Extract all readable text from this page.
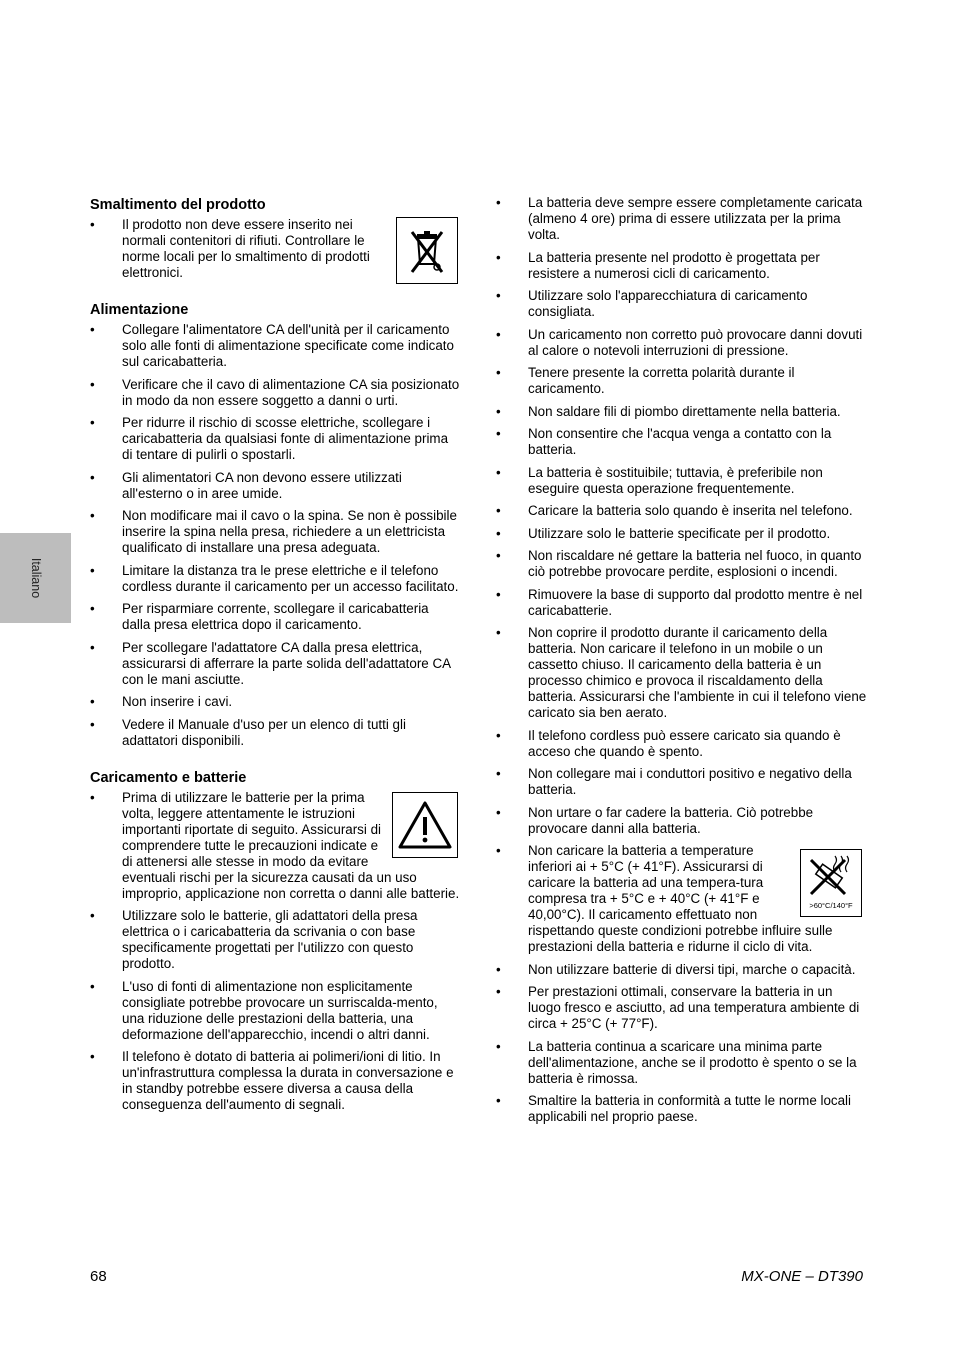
Italiano
Smaltimento del prodotto
• Il prodotto non deve essere inserito nei normali contenitori di rifiuti. Controllare le norme locali per lo smaltimento di prodotti elettronici.
Alimentazione
• Collegare l'alimentatore CA dell'unità per il caricamento solo alle fonti di alimentazione specificate come indicato sul caricabatteria.
• Verificare che il cavo di alimentazione CA sia posizionato in modo da non essere soggetto a danni o urti.
• Per ridurre il rischio di scosse elettriche, scollegare i caricabatteria da qualsiasi fonte di alimentazione prima di tentare di pulirli o spostarli.
• Gli alimentatori CA non devono essere utilizzati all'esterno o in aree umide.
• Non modificare mai il cavo o la spina. Se non è possibile inserire la spina nella presa, richiedere a un elettricista qualificato di installare una presa adeguata.
• Limitare la distanza tra le prese elettriche e il telefono cordless durante il caricamento per un accesso facilitato.
• Per risparmiare corrente, scollegare il caricabatteria dalla presa elettrica dopo il caricamento.
• Per scollegare l'adattatore CA dalla presa elettrica, assicurarsi di afferrare la parte solida dell'adattatore CA con le mani asciutte.
• Non inserire i cavi.
• Vedere il Manuale d'uso per un elenco di tutti gli adattatori disponibili.
Caricamento e batterie
• Prima di utilizzare le batterie per la prima volta, leggere attentamente le istruzioni importanti riportate di seguito. Assicurarsi di comprendere tutte le precauzioni indicate e di attenersi alle stesse in modo da evitare eventuali rischi per la sicurezza causati da un uso improprio, applicazione non corretta o danni alle batterie.
• Utilizzare solo le batterie, gli adattatori della presa elettrica o i caricabatteria da scrivania o con base specificamente progettati per l'utilizzo con questo prodotto.
• L'uso di fonti di alimentazione non esplicitamente consigliate potrebbe provocare un surriscalda-mento, una riduzione delle prestazioni della batteria, una deformazione dell'apparecchio, incendi o altri danni.
• Il telefono è dotato di batteria ai polimeri/ioni di litio. In un'infrastruttura complessa la durata in conversazione e in standby potrebbe essere diversa a causa della conseguenza dell'aumento di segnali.
• La batteria deve sempre essere completamente caricata (almeno 4 ore) prima di essere utilizzata per la prima volta.
• La batteria presente nel prodotto è progettata per resistere a numerosi cicli di caricamento.
• Utilizzare solo l'apparecchiatura di caricamento consigliata.
• Un caricamento non corretto può provocare danni dovuti al calore o notevoli interruzioni di pressione.
• Tenere presente la corretta polarità durante il caricamento.
• Non saldare fili di piombo direttamente nella batteria.
• Non consentire che l'acqua venga a contatto con la batteria.
• La batteria è sostituibile; tuttavia, è preferibile non eseguire questa operazione frequentemente.
• Caricare la batteria solo quando è inserita nel telefono.
• Utilizzare solo le batterie specificate per il prodotto.
• Non riscaldare né gettare la batteria nel fuoco, in quanto ciò potrebbe provocare perdite, esplosioni o incendi.
• Rimuovere la base di supporto dal prodotto mentre è nel caricabatterie.
• Non coprire il prodotto durante il caricamento della batteria. Non caricare il telefono in un mobile o un cassetto chiuso. Il caricamento della batteria è un processo chimico e provoca il riscaldamento della batteria. Assicurarsi che l'ambiente in cui il telefono viene caricato sia ben aerato.
• Il telefono cordless può essere caricato sia quando è acceso che quando è spento.
• Non collegare mai i conduttori positivo e negativo della batteria.
• Non urtare o far cadere la batteria. Ciò potrebbe provocare danni alla batteria.
•
>60°C/140°F
Non caricare la batteria a temperature inferiori ai + 5°C (+ 41°F). Assicurarsi di caricare la batteria ad una tempera-tura compresa tra + 5°C e + 40°C (+ 41°F e 40,00°C). Il caricamento effettuato non rispettando queste condizioni potrebbe influire sulle prestazioni della batteria e ridurne il ciclo di vita.
• Non utilizzare batterie di diversi tipi, marche o capacità.
• Per prestazioni ottimali, conservare la batteria in un luogo fresco e asciutto, ad una temperatura ambiente di circa + 25°C (+ 77°F).
• La batteria continua a scaricare una minima parte dell'alimentazione, anche se il prodotto è spento o se la batteria è rimossa.
• Smaltire la batteria in conformità a tutte le norme locali applicabili nel proprio paese.
68	MX-ONE – DT390
